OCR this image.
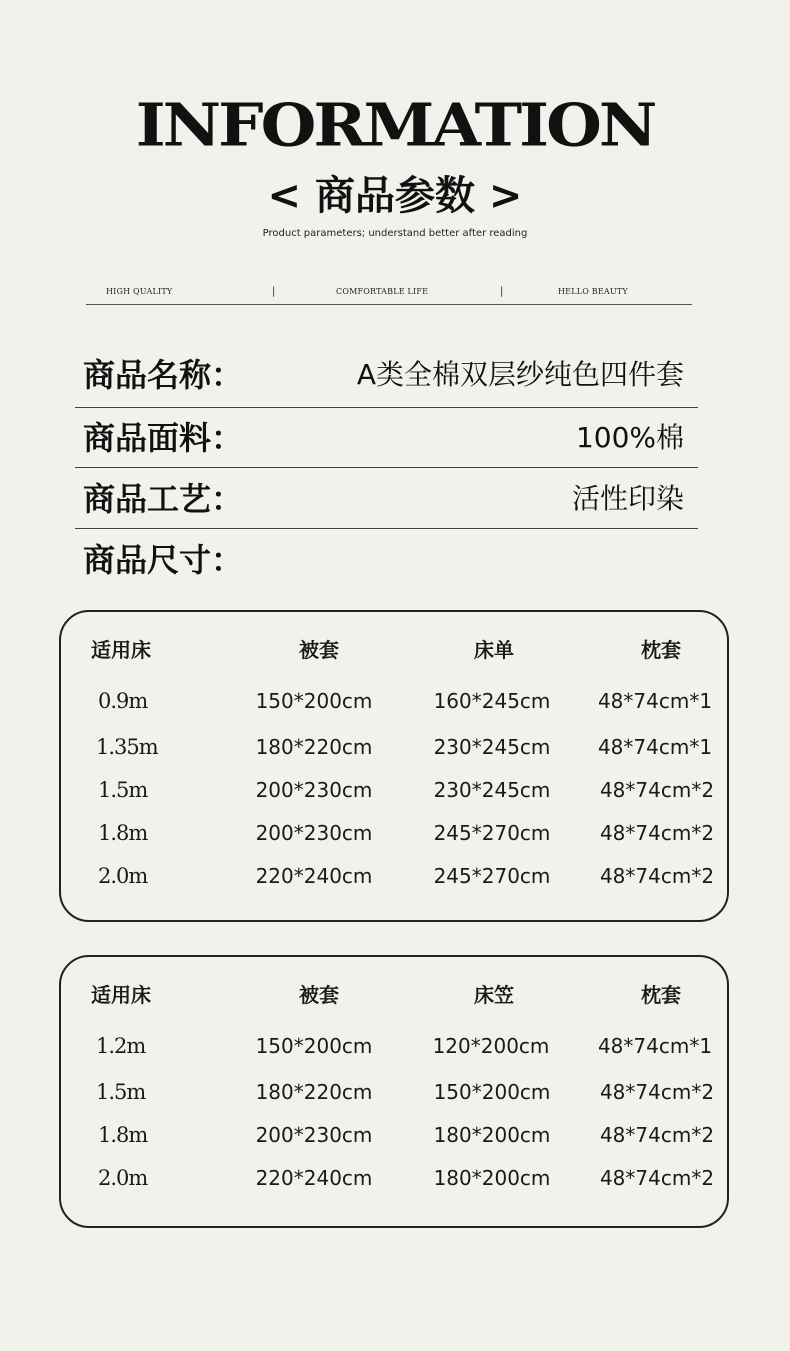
INFORMATION
< 商品参数 >
Product parameters; understand better after reading
HIGH QUALITY	|	COMFORTABLE LIFE	|	HELLO BEAUTY
商品名称：	A类全棉双层纱纯色四件套
商品面料：	100%棉
商品工艺：	活性印染
商品尺寸：
适用床	被套	床单	枕套
0.9m	150*200cm	160*245cm	48*74cm*1
1.35m	180*220cm	230*245cm	48*74cm*1
1.5m	200*230cm	230*245cm	48*74cm*2
1.8m	200*230cm	245*270cm	48*74cm*2
2.0m	220*240cm	245*270cm	48*74cm*2
适用床	被套	床笠	枕套
1.2m	150*200cm	120*200cm	48*74cm*1
1.5m	180*220cm	150*200cm	48*74cm*2
1.8m	200*230cm	180*200cm	48*74cm*2
2.0m	220*240cm	180*200cm	48*74cm*2
